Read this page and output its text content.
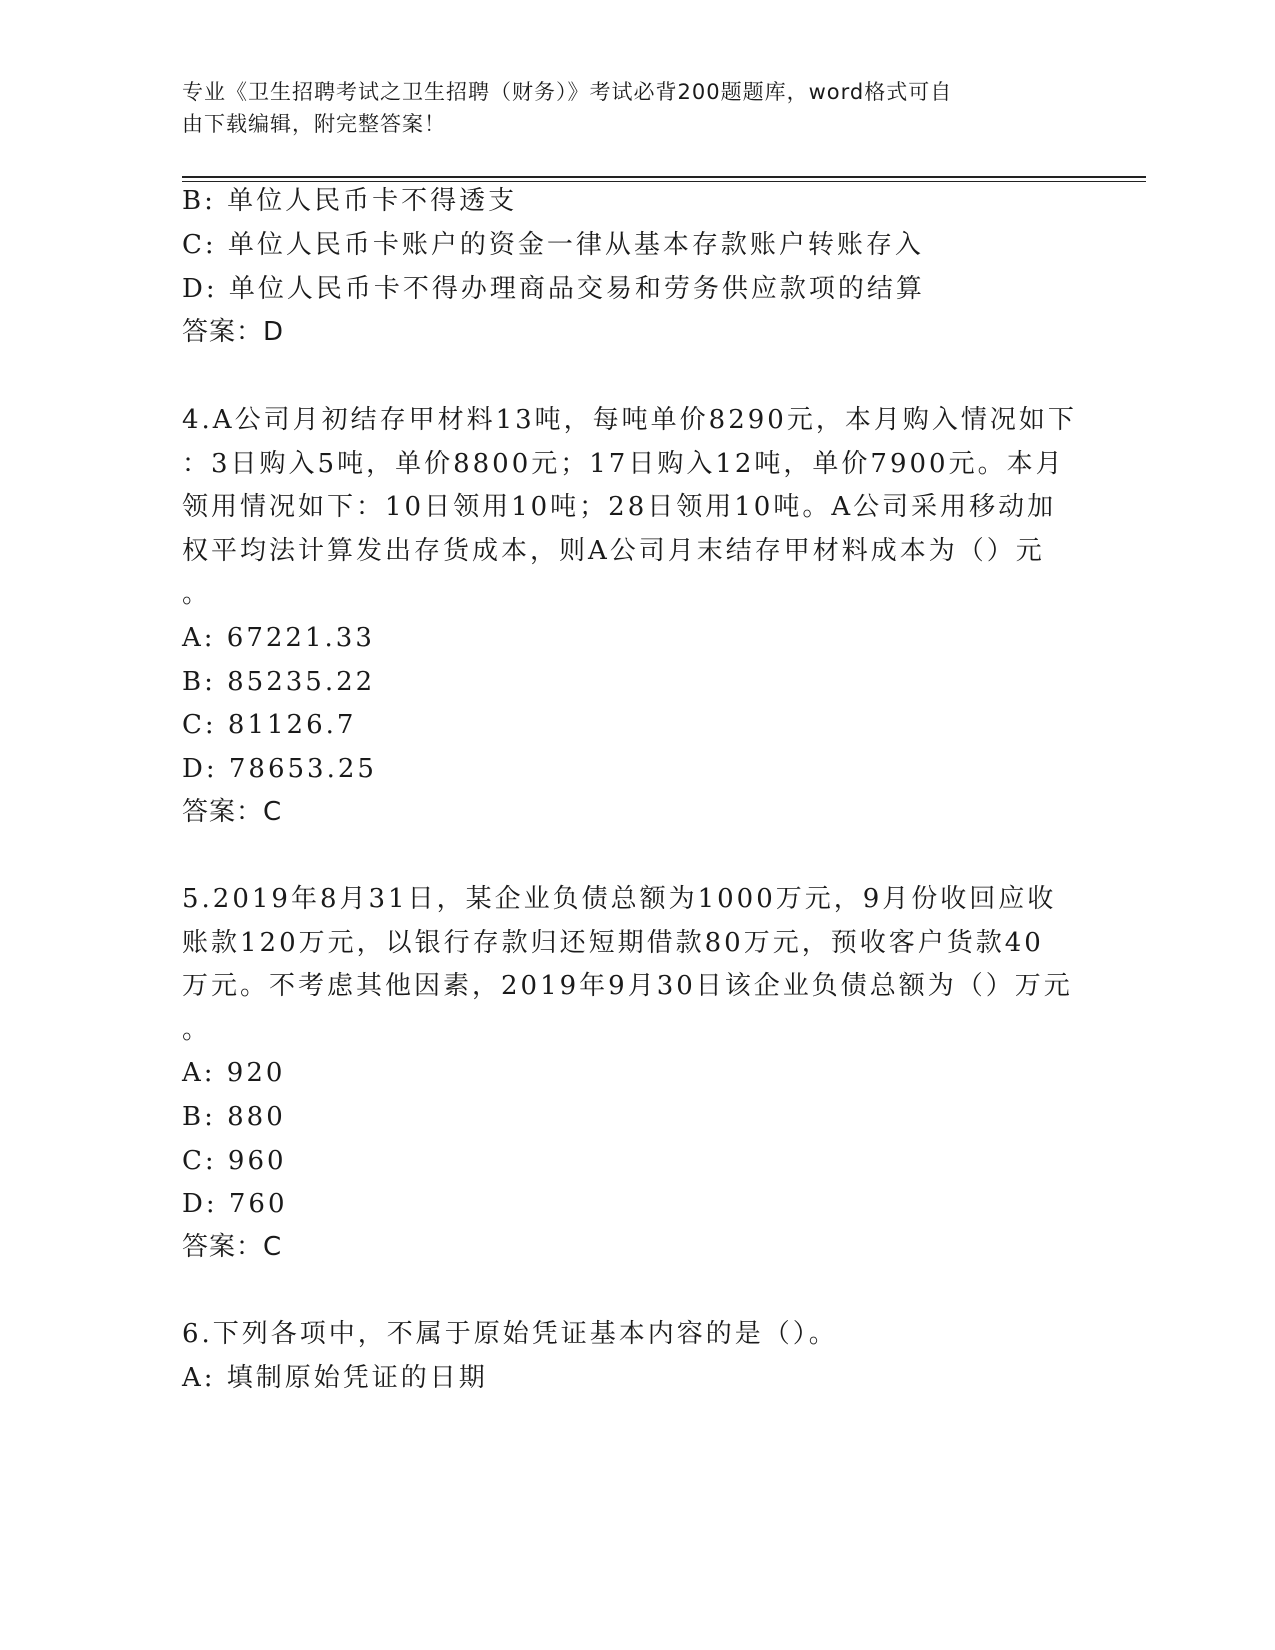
专业《卫生招聘考试之卫生招聘（财务）》考试必背200题题库，word格式可自
由下载编辑，附完整答案！
B: 单位人民币卡不得透支
C: 单位人民币卡账户的资金一律从基本存款账户转账存入
D: 单位人民币卡不得办理商品交易和劳务供应款项的结算
答案：D
4.A公司月初结存甲材料13吨，每吨单价8290元，本月购入情况如下
：3日购入5吨，单价8800元；17日购入12吨，单价7900元。本月
领用情况如下：10日领用10吨；28日领用10吨。A公司采用移动加
权平均法计算发出存货成本，则A公司月末结存甲材料成本为（）元
。
A: 67221.33
B: 85235.22
C: 81126.7
D: 78653.25
答案：C
5.2019年8月31日，某企业负债总额为1000万元，9月份收回应收
账款120万元，以银行存款归还短期借款80万元，预收客户货款40
万元。不考虑其他因素，2019年9月30日该企业负债总额为（）万元
。
A: 920
B: 880
C: 960
D: 760
答案：C
6.下列各项中，不属于原始凭证基本内容的是（）。
A: 填制原始凭证的日期
